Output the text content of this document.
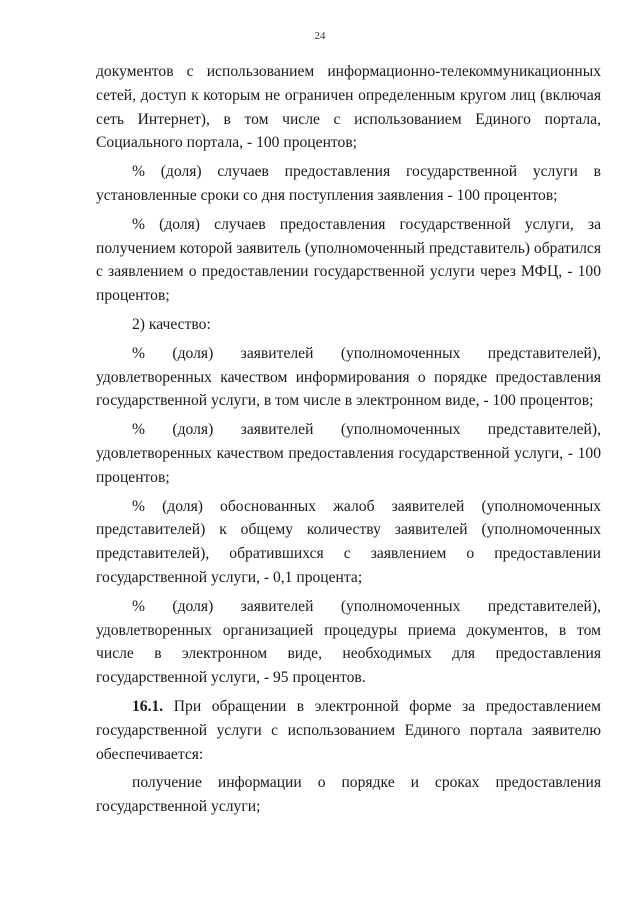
24

документов с использованием информационно-телекоммуникационных сетей, доступ к которым не ограничен определенным кругом лиц (включая сеть Интернет), в том числе с использованием Единого портала, Социального портала, - 100 процентов;

% (доля) случаев предоставления государственной услуги в установленные сроки со дня поступления заявления - 100 процентов;

% (доля) случаев предоставления государственной услуги, за получением которой заявитель (уполномоченный представитель) обратился с заявлением о предоставлении государственной услуги через МФЦ, - 100 процентов;

2) качество:

% (доля) заявителей (уполномоченных представителей), удовлетворенных качеством информирования о порядке предоставления государственной услуги, в том числе в электронном виде, - 100 процентов;

% (доля) заявителей (уполномоченных представителей), удовлетворенных качеством предоставления государственной услуги, - 100 процентов;

% (доля) обоснованных жалоб заявителей (уполномоченных представителей) к общему количеству заявителей (уполномоченных представителей), обратившихся с заявлением о предоставлении государственной услуги, - 0,1 процента;

% (доля) заявителей (уполномоченных представителей), удовлетворенных организацией процедуры приема документов, в том числе в электронном виде, необходимых для предоставления государственной услуги, - 95 процентов.

16.1. При обращении в электронной форме за предоставлением государственной услуги с использованием Единого портала заявителю обеспечивается:

получение информации о порядке и сроках предоставления государственной услуги;
